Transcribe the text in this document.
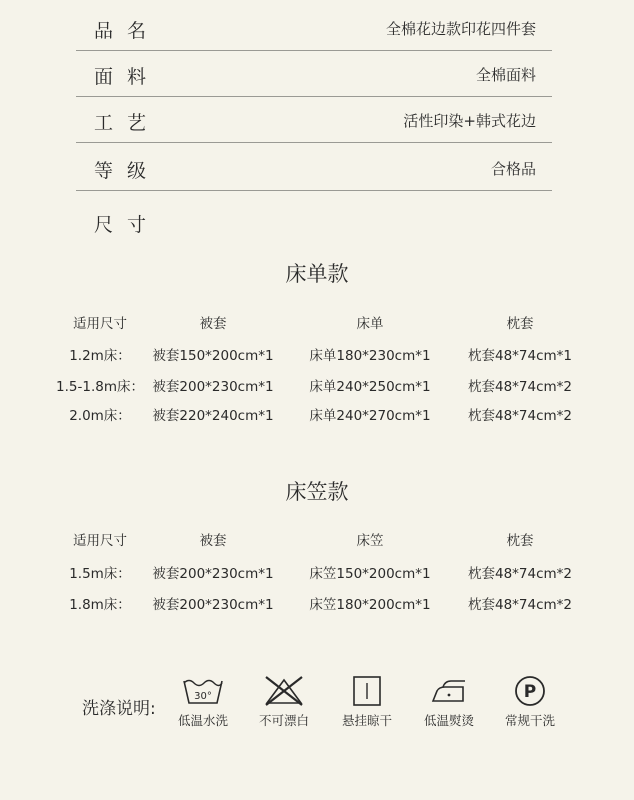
品名	全棉花边款印花四件套
面料	全棉面料
工艺	活性印染+韩式花边
等级	合格品
尺寸
床单款
适用尺寸	被套	床单	枕套
1.2m床：	被套150*200cm*1	床单180*230cm*1	枕套48*74cm*1
1.5-1.8m床： 被套200*230cm*1	床单240*250cm*1	枕套48*74cm*2
2.0m床：	被套220*240cm*1	床单240*270cm*1	枕套48*74cm*2
床笠款
适用尺寸	被套	床笠	枕套
1.5m床：	被套200*230cm*1	床笠150*200cm*1	枕套48*74cm*2
1.8m床：	被套200*230cm*1	床笠180*200cm*1	枕套48*74cm*2
洗涤说明:
30°
低温水洗	不可漂白	悬挂晾干	低温熨烫
P
常规干洗
